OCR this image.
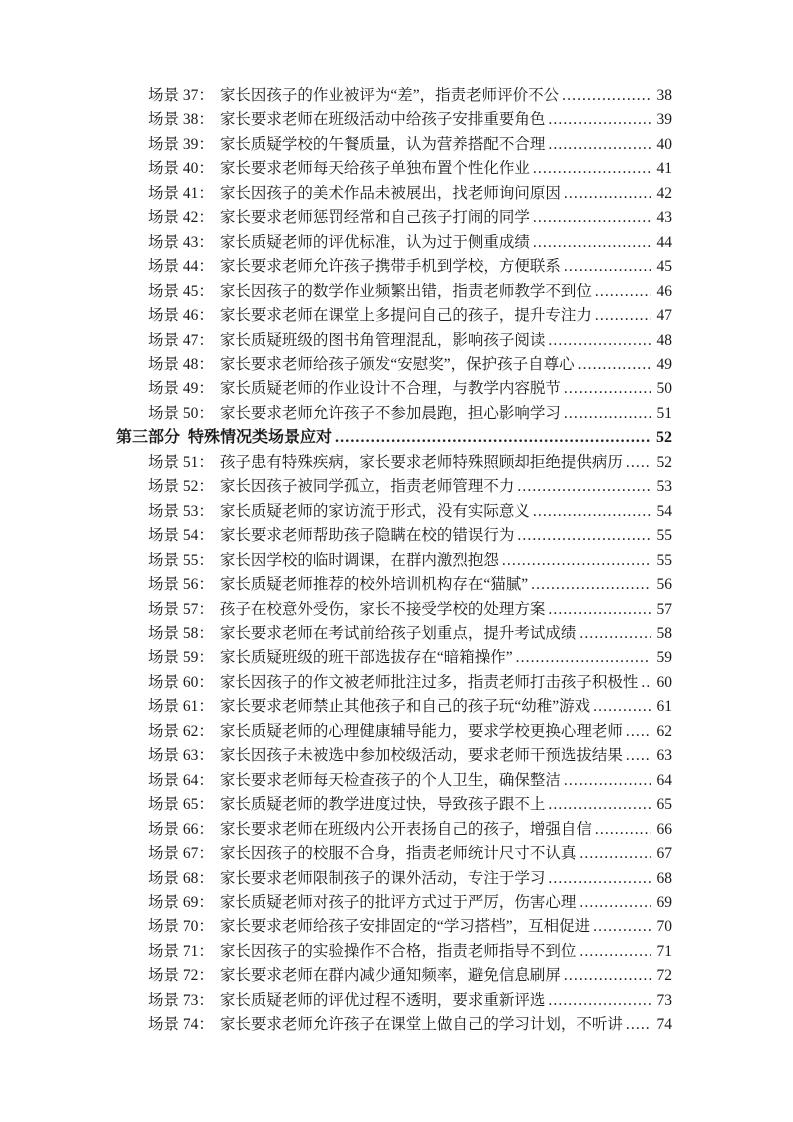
场景 37： 家长因孩子的作业被评为“差”，指责老师评价不公 .....	38
场景 38： 家长要求老师在班级活动中给孩子安排重要角色 .....	39
场景 39： 家长质疑学校的午餐质量，认为营养搭配不合理 .....	40
场景 40： 家长要求老师每天给孩子单独布置个性化作业 .....	41
场景 41： 家长因孩子的美术作品未被展出，找老师询问原因 .....	42
场景 42： 家长要求老师惩罚经常和自己孩子打闹的同学 .....	43
场景 43： 家长质疑老师的评优标准，认为过于侧重成绩 .....	44
场景 44： 家长要求老师允许孩子携带手机到学校，方便联系 .....	45
场景 45： 家长因孩子的数学作业频繁出错，指责老师教学不到位 .....	46
场景 46： 家长要求老师在课堂上多提问自己的孩子，提升专注力 .....	47
场景 47： 家长质疑班级的图书角管理混乱，影响孩子阅读 .....	48
场景 48： 家长要求老师给孩子颁发“安慰奖”，保护孩子自尊心 .....	49
场景 49： 家长质疑老师的作业设计不合理，与教学内容脱节 .....	50
场景 50： 家长要求老师允许孩子不参加晨跑，担心影响学习 .....	51
第三部分 特殊情况类场景应对 .....	52
场景 51： 孩子患有特殊疾病，家长要求老师特殊照顾却拒绝提供病历 ..... 52
场景 52： 家长因孩子被同学孤立，指责老师管理不力 .....	53
场景 53： 家长质疑老师的家访流于形式，没有实际意义 .....	54
场景 54： 家长要求老师帮助孩子隐瞒在校的错误行为 .....	55
场景 55： 家长因学校的临时调课，在群内激烈抱怨 .....	55
场景 56： 家长质疑老师推荐的校外培训机构存在“猫腻” .....	56
场景 57： 孩子在校意外受伤，家长不接受学校的处理方案 .....	57
场景 58： 家长要求老师在考试前给孩子划重点，提升考试成绩 .....	58
场景 59： 家长质疑班级的班干部选拔存在“暗箱操作” .....	59
场景 60： 家长因孩子的作文被老师批注过多，指责老师打击孩子积极性 ..... 60
场景 61： 家长要求老师禁止其他孩子和自己的孩子玩“幼稚”游戏 .....	61
场景 62： 家长质疑老师的心理健康辅导能力，要求学校更换心理老师 ..... 62
场景 63： 家长因孩子未被选中参加校级活动，要求老师干预选拔结果 ..... 63
场景 64： 家长要求老师每天检查孩子的个人卫生，确保整洁 .....	64
场景 65： 家长质疑老师的教学进度过快，导致孩子跟不上 .....	65
场景 66： 家长要求老师在班级内公开表扬自己的孩子，增强自信 .....	66
场景 67： 家长因孩子的校服不合身，指责老师统计尺寸不认真 .....	67
场景 68： 家长要求老师限制孩子的课外活动，专注于学习 .....	68
场景 69： 家长质疑老师对孩子的批评方式过于严厉，伤害心理 .....	69
场景 70： 家长要求老师给孩子安排固定的“学习搭档”，互相促进 .....	70
场景 71： 家长因孩子的实验操作不合格，指责老师指导不到位 .....	71
场景 72： 家长要求老师在群内减少通知频率，避免信息刷屏 .....	72
场景 73： 家长质疑老师的评优过程不透明，要求重新评选 .....	73
场景 74： 家长要求老师允许孩子在课堂上做自己的学习计划，不听讲 ..... 74
